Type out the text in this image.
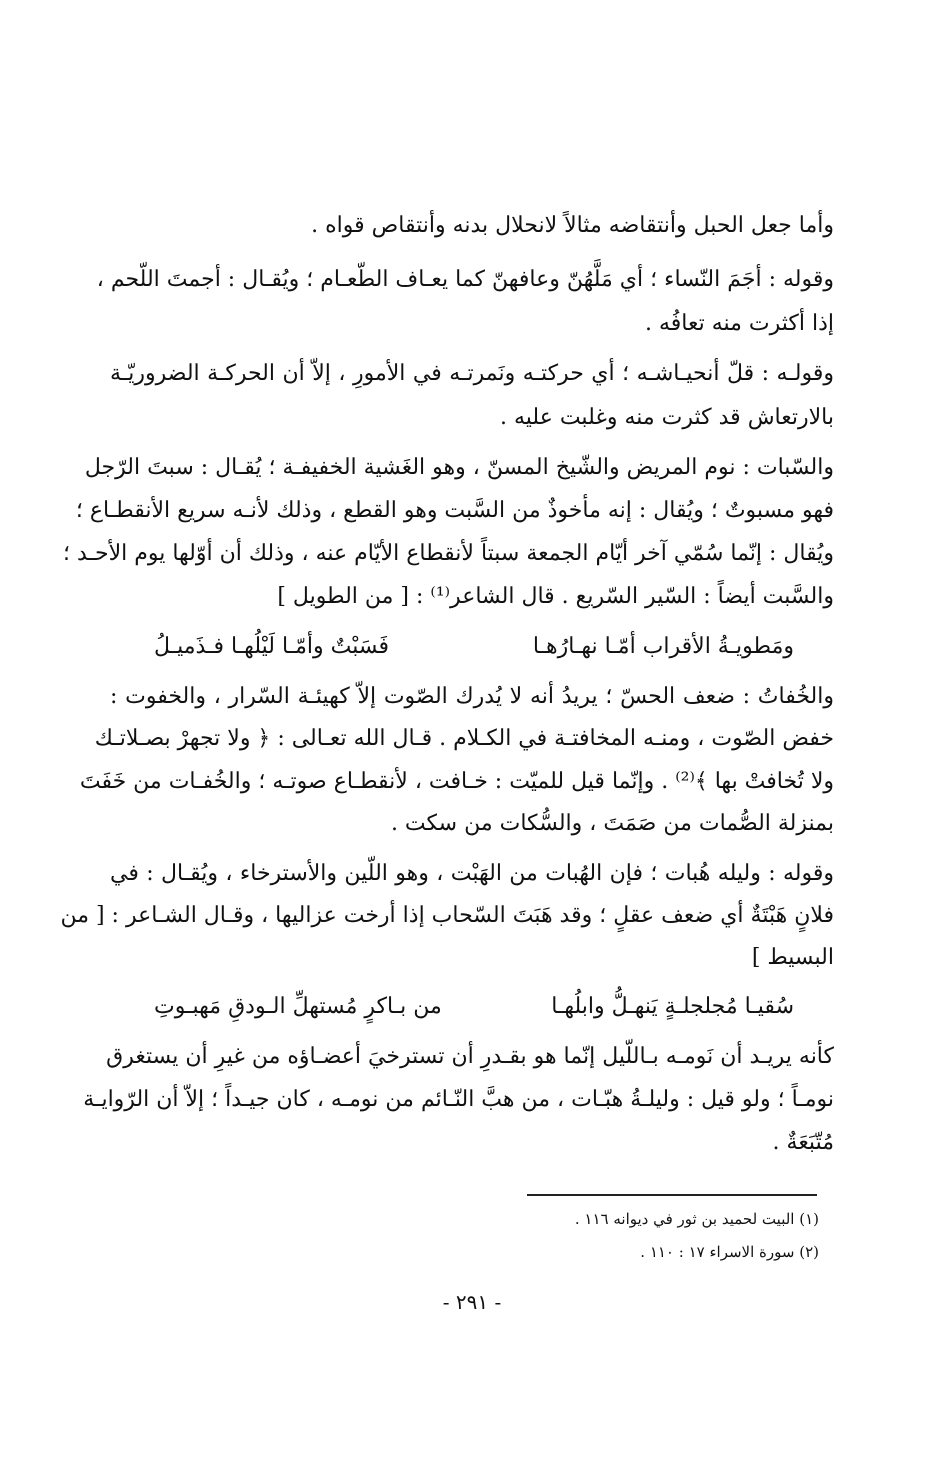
وأما جعل الحبل وأنتقاضه مثالاً لانحلال بدنه وأنتقاص قواه .
وقوله : أجَمَ النّساء ؛ أي مَلَّهُنّ وعافهنّ كما يعـاف الطّعـام ؛ ويُقـال : أجمتَ اللّحم ،
إذا أكثرت منه تعافُه .
وقولـه : قلّ أنحيـاشـه ؛ أي حركتـه ونَمرتـه في الأمورِ ، إلاّ أن الحركـة الضروريّـة
بالارتعاش قد كثرت منه وغلبت عليه .
والسّبات : نوم المريض والشّيخ المسنّ ، وهو الغَشية الخفيفـة ؛ يُقـال : سبتَ الرّجل
فهو مسبوتٌ ؛ ويُقال : إنه مأخوذٌ من السَّبت وهو القطع ، وذلك لأنـه سريع الأنقطـاع ؛
ويُقال : إنّما سُمّي آخر أيّام الجمعة سبتاً لأنقطاع الأيّام عنه ، وذلك أن أوّلها يوم الأحـد ؛
والسَّبت أيضاً : السّير السّريع . قال الشاعر⁽¹⁾ : [ من الطويل ]
ومَطويـةُ الأقراب أمّـا نهـارُهـا
فَسَبْتٌ وأمّـا لَيْلُهـا فـذَميـلُ
والخُفاتُ : ضعف الحسّ ؛ يريدُ أنه لا يُدرك الصّوت إلاّ كهيئـة السّرار ، والخفوت :
خفض الصّوت ، ومنـه المخافتـة في الكـلام . قـال الله تعـالى : ﴿ ولا تجهرْ بصـلاتـك
ولا تُخافتْ بها ﴾⁽²⁾ . وإنّما قيل للميّت : خـافت ، لأنقطـاع صوتـه ؛ والخُفـات من خَفَتَ
بمنزلة الصُّمات من صَمَتَ ، والسُّكات من سكت .
وقوله : وليله هُبات ؛ فإن الهُبات من الهَبْت ، وهو اللّين والأسترخاء ، ويُقـال : في
فلانٍ هَبْتَةٌ أي ضعف عقلٍ ؛ وقد هَبَتَ السّحاب إذا أرخت عزاليها ، وقـال الشـاعر : [ من
البسيط ]
سُقيـا مُجلجلـةٍ يَنهـلُّ وابلُهـا
من بـاكرٍ مُستهلِّ الـودقِ مَهبـوتِ
كأنه يريـد أن نَومـه بـاللّيل إنّما هو بقـدرِ أن تسترخيَ أعضـاؤه من غيرِ أن يستغرق
نومـاً ؛ ولو قيل : وليلـةُ هبّـات ، من هبَّ النّـائم من نومـه ، كان جيـداً ؛ إلاّ أن الرّوايـة
مُتّبَعَةٌ .
(١) البيت لحميد بن ثور في ديوانه ١١٦ .
(٢) سورة الاسراء ١٧ : ١١٠ .
- ٢٩١ -
